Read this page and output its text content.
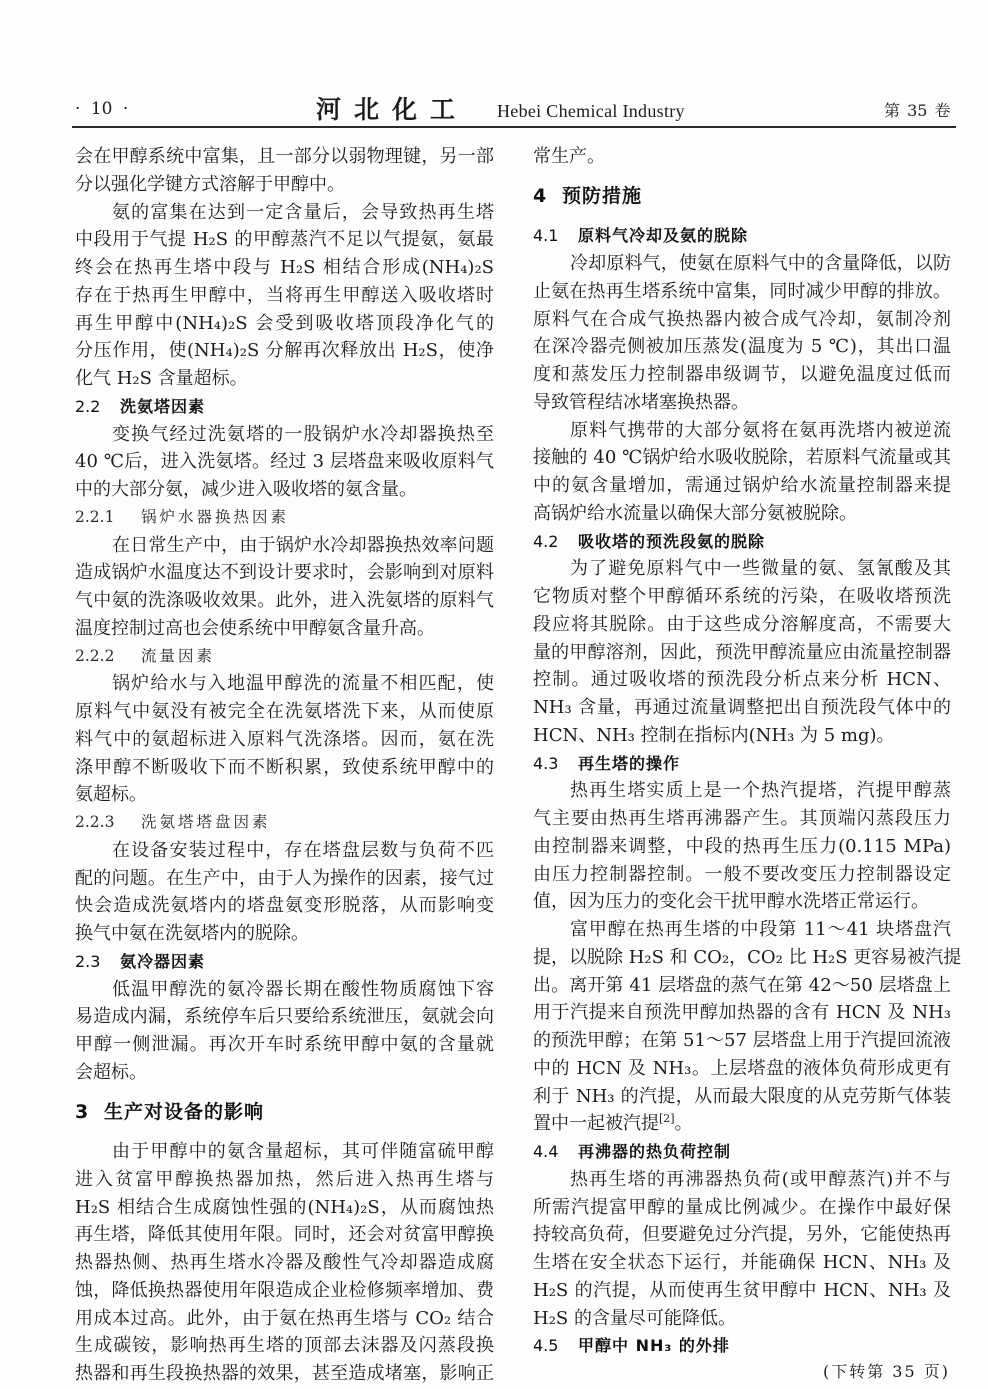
· 10 ·	河北化工 Hebei Chemical Industry	第 35 卷
会在甲醇系统中富集，且一部分以弱物理键，另一部
分以强化学键方式溶解于甲醇中。
氨的富集在达到一定含量后，会导致热再生塔
中段用于气提 H₂S 的甲醇蒸汽不足以气提氨，氨最
终会在热再生塔中段与 H₂S 相结合形成(NH₄)₂S
存在于热再生甲醇中，当将再生甲醇送入吸收塔时
再生甲醇中(NH₄)₂S 会受到吸收塔顶段净化气的
分压作用，使(NH₄)₂S 分解再次释放出 H₂S，使净
化气 H₂S 含量超标。
2.2 洗氨塔因素
变换气经过洗氨塔的一股锅炉水冷却器换热至
40 ℃后，进入洗氨塔。经过 3 层塔盘来吸收原料气
中的大部分氨，减少进入吸收塔的氨含量。
2.2.1 锅炉水器换热因素
在日常生产中，由于锅炉水冷却器换热效率问题
造成锅炉水温度达不到设计要求时，会影响到对原料
气中氨的洗涤吸收效果。此外，进入洗氨塔的原料气
温度控制过高也会使系统中甲醇氨含量升高。
2.2.2 流量因素
锅炉给水与入地温甲醇洗的流量不相匹配，使
原料气中氨没有被完全在洗氨塔洗下来，从而使原
料气中的氨超标进入原料气洗涤塔。因而，氨在洗
涤甲醇不断吸收下而不断积累，致使系统甲醇中的
氨超标。
2.2.3 洗氨塔塔盘因素
在设备安装过程中，存在塔盘层数与负荷不匹
配的问题。在生产中，由于人为操作的因素，接气过
快会造成洗氨塔内的塔盘氨变形脱落，从而影响变
换气中氨在洗氨塔内的脱除。
2.3 氨冷器因素
低温甲醇洗的氨冷器长期在酸性物质腐蚀下容
易造成内漏，系统停车后只要给系统泄压，氨就会向
甲醇一侧泄漏。再次开车时系统甲醇中氨的含量就
会超标。
3 生产对设备的影响
由于甲醇中的氨含量超标，其可伴随富硫甲醇
进入贫富甲醇换热器加热，然后进入热再生塔与
H₂S 相结合生成腐蚀性强的(NH₄)₂S，从而腐蚀热
再生塔，降低其使用年限。同时，还会对贫富甲醇换
热器热侧、热再生塔水冷器及酸性气冷却器造成腐
蚀，降低换热器使用年限造成企业检修频率增加、费
用成本过高。此外，由于氨在热再生塔与 CO₂ 结合
生成碳铵，影响热再生塔的顶部去沫器及闪蒸段换
热器和再生段换热器的效果，甚至造成堵塞，影响正
常生产。
4 预防措施
4.1 原料气冷却及氨的脱除
冷却原料气，使氨在原料气中的含量降低，以防
止氨在热再生塔系统中富集，同时减少甲醇的排放。
原料气在合成气换热器内被合成气冷却，氨制冷剂
在深冷器壳侧被加压蒸发(温度为 5 ℃)，其出口温
度和蒸发压力控制器串级调节，以避免温度过低而
导致管程结冰堵塞换热器。
原料气携带的大部分氨将在氨再洗塔内被逆流
接触的 40 ℃锅炉给水吸收脱除，若原料气流量或其
中的氨含量增加，需通过锅炉给水流量控制器来提
高锅炉给水流量以确保大部分氨被脱除。
4.2 吸收塔的预洗段氨的脱除
为了避免原料气中一些微量的氨、氢氰酸及其
它物质对整个甲醇循环系统的污染，在吸收塔预洗
段应将其脱除。由于这些成分溶解度高，不需要大
量的甲醇溶剂，因此，预洗甲醇流量应由流量控制器
控制。通过吸收塔的预洗段分析点来分析 HCN、
NH₃ 含量，再通过流量调整把出自预洗段气体中的
HCN、NH₃ 控制在指标内(NH₃ 为 5 mg)。
4.3 再生塔的操作
热再生塔实质上是一个热汽提塔，汽提甲醇蒸
气主要由热再生塔再沸器产生。其顶端闪蒸段压力
由控制器来调整，中段的热再生压力(0.115 MPa)
由压力控制器控制。一般不要改变压力控制器设定
值，因为压力的变化会干扰甲醇水洗塔正常运行。
富甲醇在热再生塔的中段第 11～41 块塔盘汽
提，以脱除 H₂S 和 CO₂，CO₂ 比 H₂S 更容易被汽提
出。离开第 41 层塔盘的蒸气在第 42～50 层塔盘上
用于汽提来自预洗甲醇加热器的含有 HCN 及 NH₃
的预洗甲醇；在第 51～57 层塔盘上用于汽提回流液
中的 HCN 及 NH₃。上层塔盘的液体负荷形成更有
利于 NH₃ 的汽提，从而最大限度的从克劳斯气体装
置中一起被汽提[2]。
4.4 再沸器的热负荷控制
热再生塔的再沸器热负荷(或甲醇蒸汽)并不与
所需汽提富甲醇的量成比例减少。在操作中最好保
持较高负荷，但要避免过分汽提，另外，它能使热再
生塔在安全状态下运行，并能确保 HCN、NH₃ 及
H₂S 的汽提，从而使再生贫甲醇中 HCN、NH₃ 及
H₂S 的含量尽可能降低。
4.5 甲醇中 NH₃ 的外排
(下转第 35 页)
